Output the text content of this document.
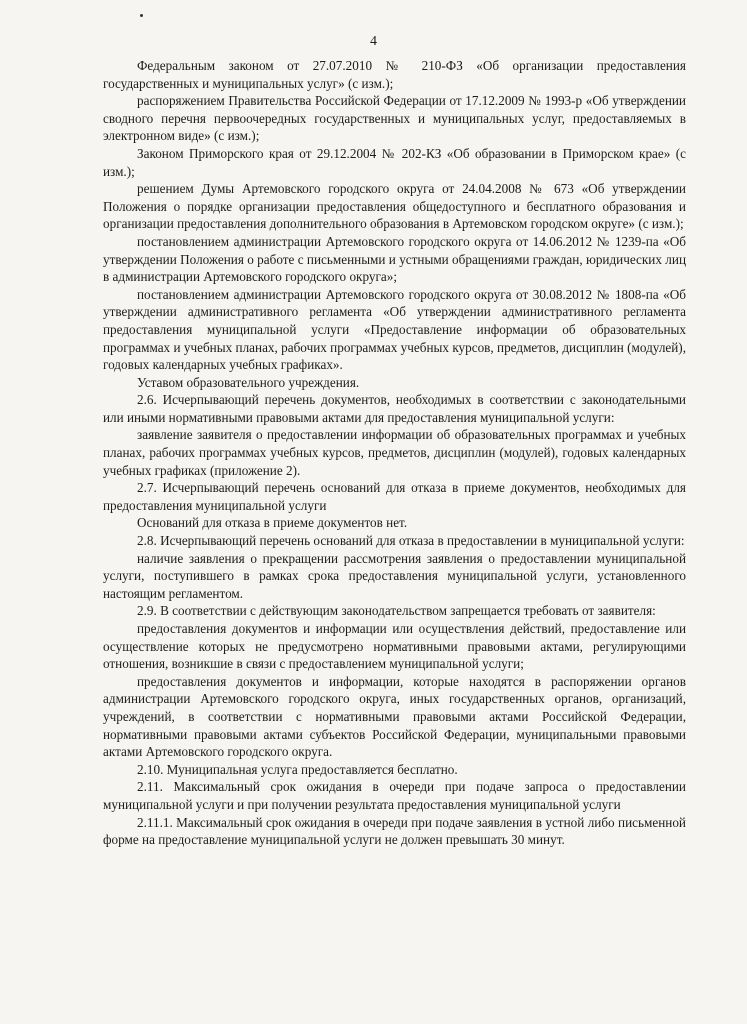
4

Федеральным законом от 27.07.2010 № 210-ФЗ «Об организации предоставления государственных и муниципальных услуг» (с изм.);

распоряжением Правительства Российской Федерации от 17.12.2009 № 1993-р «Об утверждении сводного перечня первоочередных государственных и муниципальных услуг, предоставляемых в электронном виде» (с изм.);

Законом Приморского края от 29.12.2004 № 202-КЗ «Об образовании в Приморском крае» (с изм.);

решением Думы Артемовского городского округа от 24.04.2008 № 673 «Об утверждении Положения о порядке организации предоставления общедоступного и бесплатного образования и организации предоставления дополнительного образования в Артемовском городском округе» (с изм.);

постановлением администрации Артемовского городского округа от 14.06.2012 № 1239-па «Об утверждении Положения о работе с письменными и устными обращениями граждан, юридических лиц в администрации Артемовского городского округа»;

постановлением администрации Артемовского городского округа от 30.08.2012 № 1808-па «Об утверждении административного регламента «Об утверждении административного регламента предоставления муниципальной услуги «Предоставление информации об образовательных программах и учебных планах, рабочих программах учебных курсов, предметов, дисциплин (модулей), годовых календарных учебных графиках».

Уставом образовательного учреждения.

2.6. Исчерпывающий перечень документов, необходимых в соответствии с законодательными или иными нормативными правовыми актами для предоставления муниципальной услуги:

заявление заявителя о предоставлении информации об образовательных программах и учебных планах, рабочих программах учебных курсов, предметов, дисциплин (модулей), годовых календарных учебных графиках (приложение 2).

2.7. Исчерпывающий перечень оснований для отказа в приеме документов, необходимых для предоставления муниципальной услуги

Оснований для отказа в приеме документов нет.

2.8. Исчерпывающий перечень оснований для отказа в предоставлении в муниципальной услуги:

наличие заявления о прекращении рассмотрения заявления о предоставлении муниципальной услуги, поступившего в рамках срока предоставления муниципальной услуги, установленного настоящим регламентом.

2.9. В соответствии с действующим законодательством запрещается требовать от заявителя:

предоставления документов и информации или осуществления действий, предоставление или осуществление которых не предусмотрено нормативными правовыми актами, регулирующими отношения, возникшие в связи с предоставлением муниципальной услуги;

предоставления документов и информации, которые находятся в распоряжении органов администрации Артемовского городского округа, иных государственных органов, организаций, учреждений, в соответствии с нормативными правовыми актами Российской Федерации, нормативными правовыми актами субъектов Российской Федерации, муниципальными правовыми актами Артемовского городского округа.

2.10. Муниципальная услуга предоставляется бесплатно.

2.11. Максимальный срок ожидания в очереди при подаче запроса о предоставлении муниципальной услуги и при получении результата предоставления муниципальной услуги

2.11.1. Максимальный срок ожидания в очереди при подаче заявления в устной либо письменной форме на предоставление муниципальной услуги не должен превышать 30 минут.
